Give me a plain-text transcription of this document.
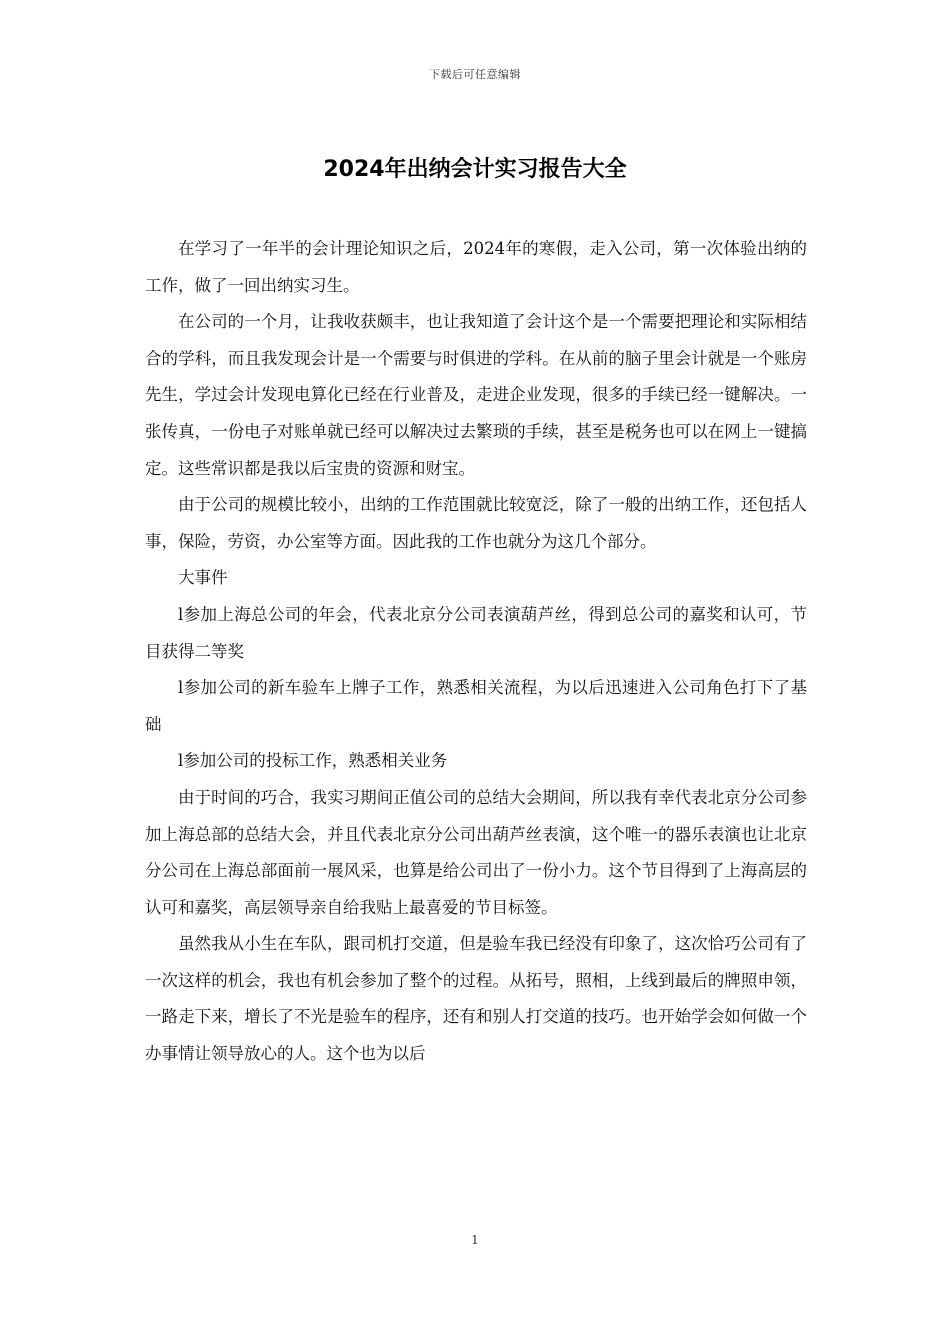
下载后可任意编辑
2024年出纳会计实习报告大全

在学习了一年半的会计理论知识之后，2024年的寒假，走入公司，第一次体验出纳的工作，做了一回出纳实习生。

在公司的一个月，让我收获颇丰，也让我知道了会计这个是一个需要把理论和实际相结合的学科，而且我发现会计是一个需要与时俱进的学科。在从前的脑子里会计就是一个账房先生，学过会计发现电算化已经在行业普及，走进企业发现，很多的手续已经一键解决。一张传真，一份电子对账单就已经可以解决过去繁琐的手续，甚至是税务也可以在网上一键搞定。这些常识都是我以后宝贵的资源和财宝。

由于公司的规模比较小，出纳的工作范围就比较宽泛，除了一般的出纳工作，还包括人事，保险，劳资，办公室等方面。因此我的工作也就分为这几个部分。

大事件

l参加上海总公司的年会，代表北京分公司表演葫芦丝，得到总公司的嘉奖和认可，节目获得二等奖

l参加公司的新车验车上牌子工作，熟悉相关流程，为以后迅速进入公司角色打下了基础

l参加公司的投标工作，熟悉相关业务

由于时间的巧合，我实习期间正值公司的总结大会期间，所以我有幸代表北京分公司参加上海总部的总结大会，并且代表北京分公司出葫芦丝表演，这个唯一的器乐表演也让北京分公司在上海总部面前一展风采，也算是给公司出了一份小力。这个节目得到了上海高层的认可和嘉奖，高层领导亲自给我贴上最喜爱的节目标签。

虽然我从小生在车队，跟司机打交道，但是验车我已经没有印象了，这次恰巧公司有了一次这样的机会，我也有机会参加了整个的过程。从拓号，照相，上线到最后的牌照申领，一路走下来，增长了不光是验车的程序，还有和别人打交道的技巧。也开始学会如何做一个办事情让领导放心的人。这个也为以后

1
